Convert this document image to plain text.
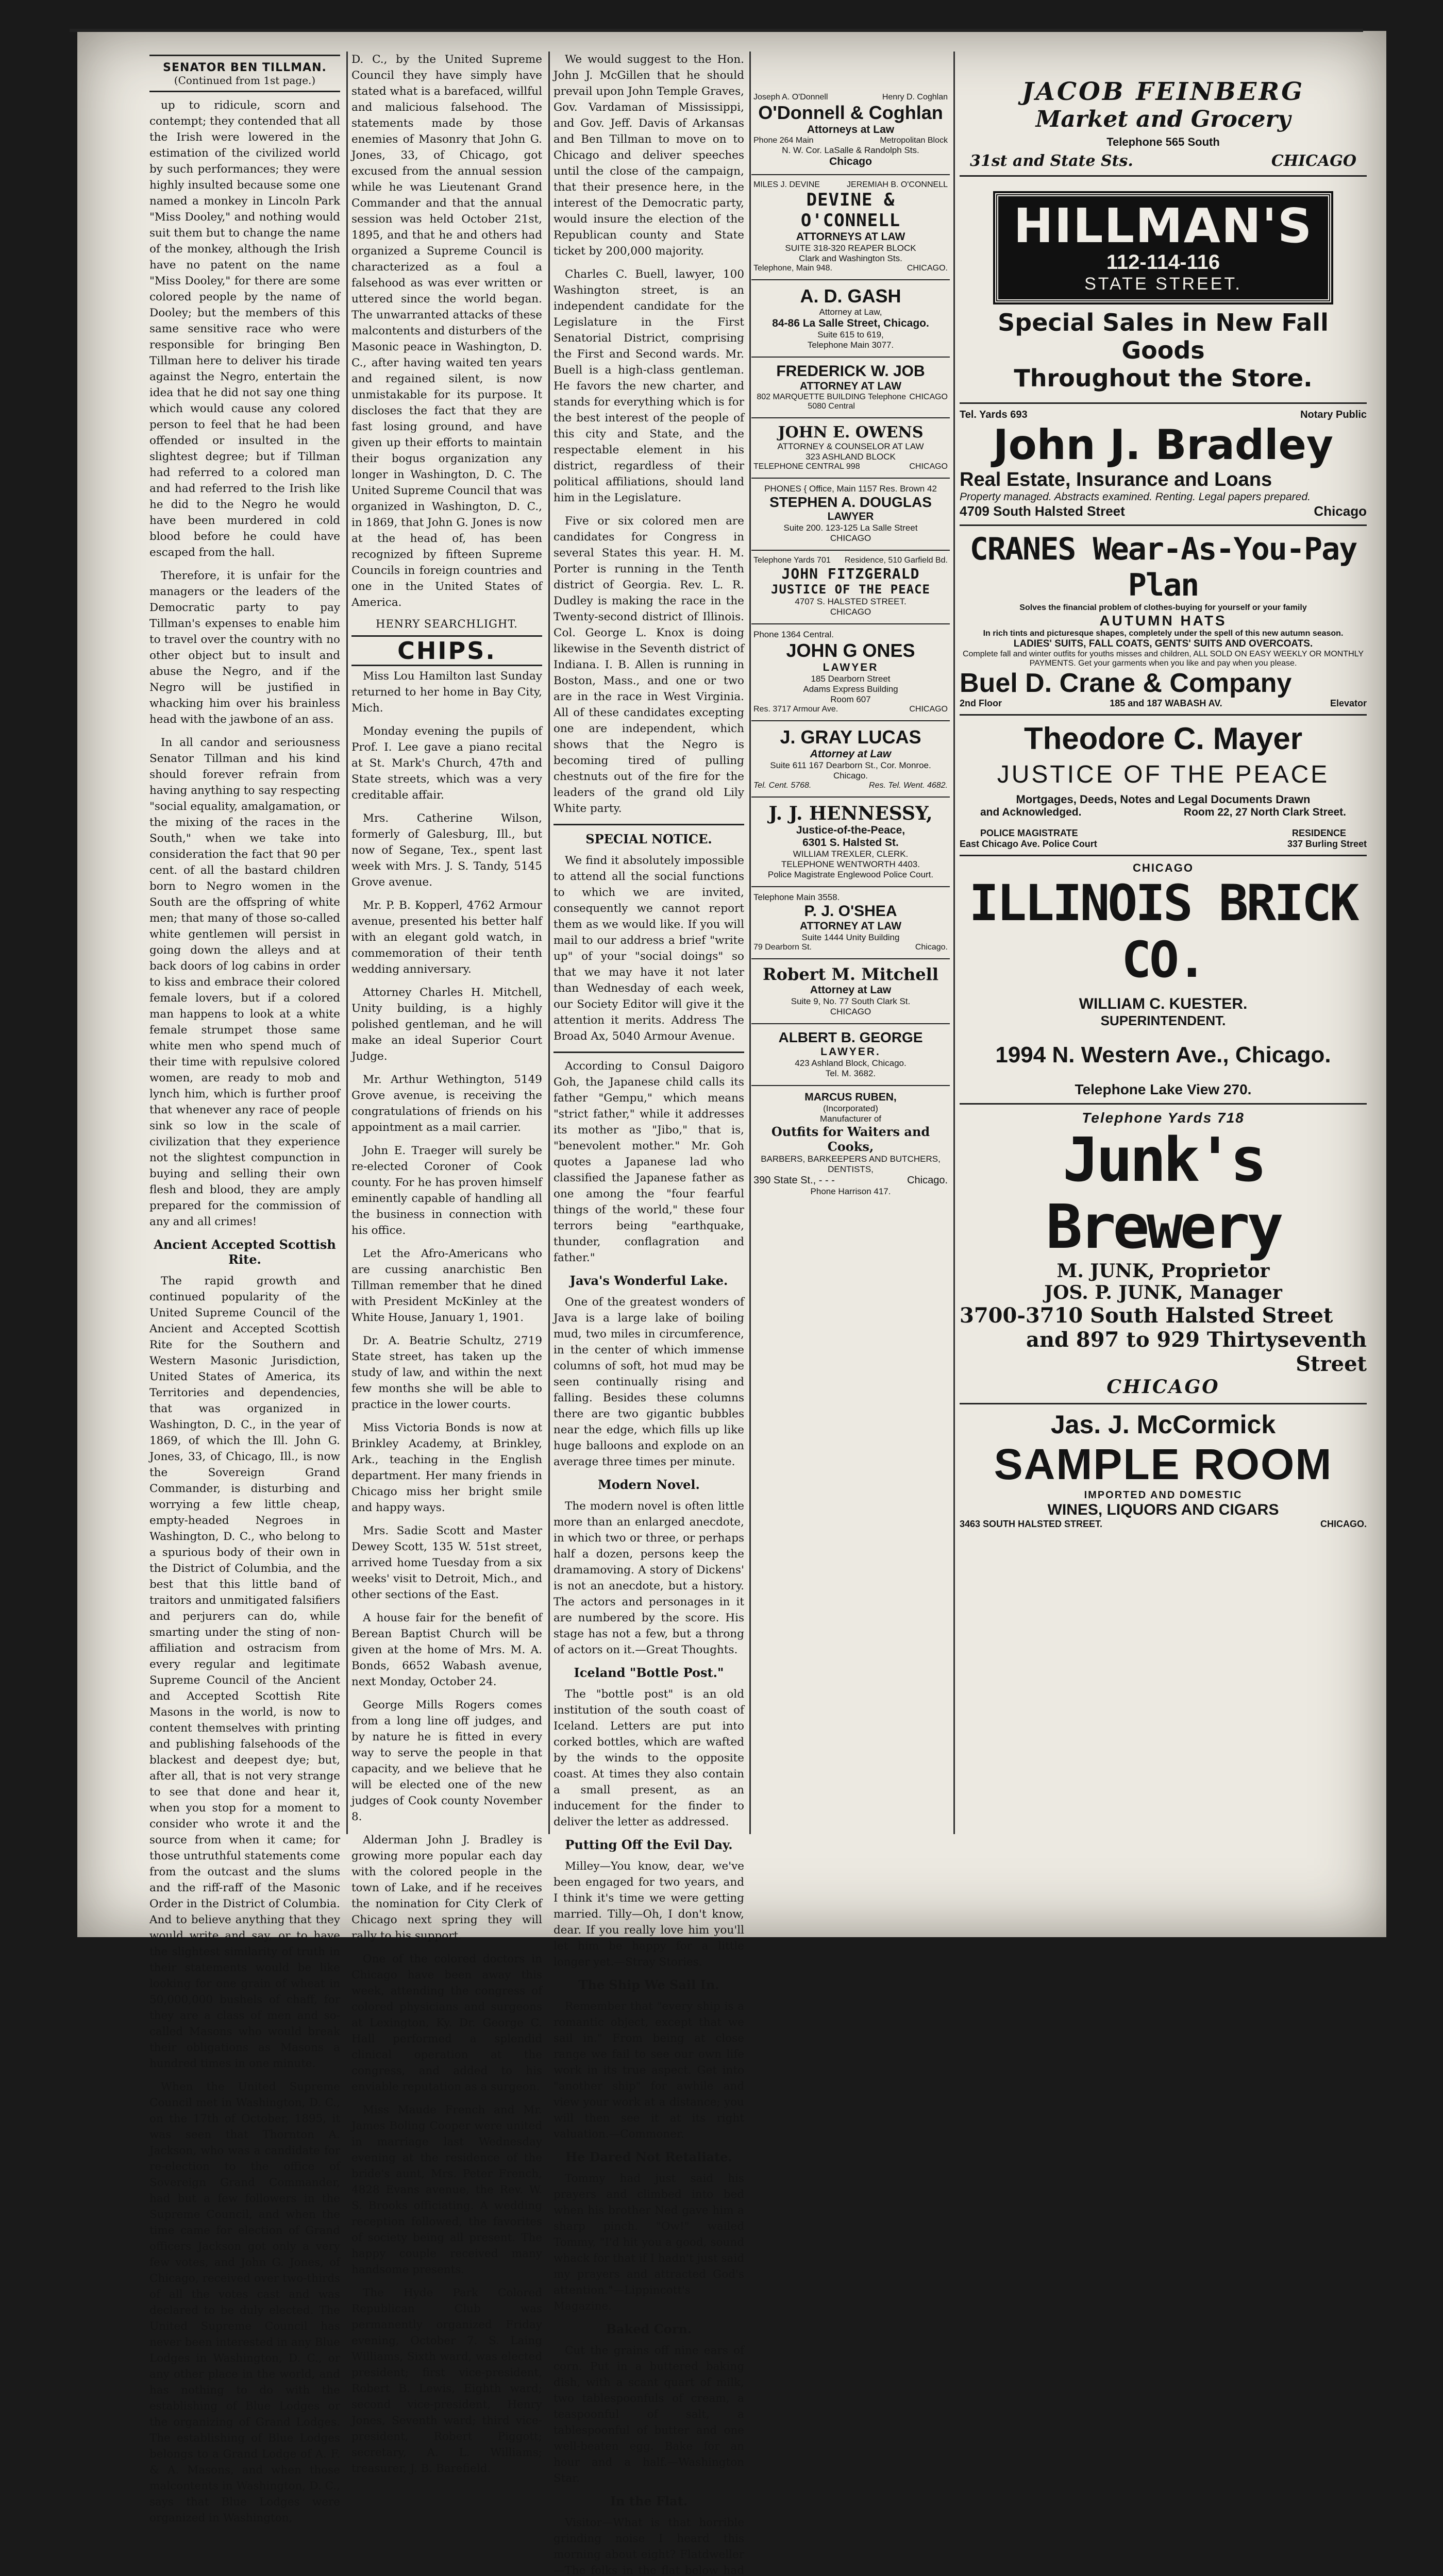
SENATOR BEN TILLMAN.
(Continued from 1st page.)

up to ridicule, scorn and contempt; they contended that all the Irish were lowered in the estimation of the civilized world by such performances; they were highly insulted because some one named a monkey in Lincoln Park "Miss Dooley," and nothing would suit them but to change the name of the monkey, although the Irish have no patent on the name "Miss Dooley," for there are some colored people by the name of Dooley; but the members of this same sensitive race who were responsible for bringing Ben Tillman here to deliver his tirade against the Negro, entertain the idea that he did not say one thing which would cause any colored person to feel that he had been offended or insulted in the slightest degree; but if Tillman had referred to a colored man and had referred to the Irish like he did to the Negro he would have been murdered in cold blood before he could have escaped from the hall.

Therefore, it is unfair for the managers or the leaders of the Democratic party to pay Tillman's expenses to enable him to travel over the country with no other object but to insult and abuse the Negro, and if the Negro will be justified in whacking him over his brainless head with the jawbone of an ass.

In all candor and seriousness Senator Tillman and his kind should forever refrain from having anything to say respecting "social equality, amalgamation, or the mixing of the races in the South," when we take into consideration the fact that 90 per cent. of all the bastard children born to Negro women in the South are the offspring of white men; that many of those so-called white gentlemen will persist in going down the alleys and at back doors of log cabins in order to kiss and embrace their colored female lovers, but if a colored man happens to look at a white female strumpet those same white men who spend much of their time with repulsive colored women, are ready to mob and lynch him, which is further proof that whenever any race of people sink so low in the scale of civilization that they experience not the slightest compunction in buying and selling their own flesh and blood, they are amply prepared for the commission of any and all crimes!

Ancient Accepted Scottish Rite.

The rapid growth and continued popularity of the United Supreme Council of the Ancient and Accepted Scottish Rite for the Southern and Western Masonic Jurisdiction, United States of America, its Territories and dependencies, that was organized in Washington, D. C., in the year of 1869, of which the Ill. John G. Jones, 33, of Chicago, Ill., is now the Sovereign Grand Commander, is disturbing and worrying a few little cheap, empty-headed Negroes in Washington, D. C., who belong to a spurious body of their own in the District of Columbia, and the best that this little band of traitors and unmitigated falsifiers and perjurers can do, while smarting under the sting of non-affiliation and ostracism from every regular and legitimate Supreme Council of the Ancient and Accepted Scottish Rite Masons in the world, is now to content themselves with printing and publishing falsehoods of the blackest and deepest dye; but, after all, that is not very strange to see that done and hear it, when you stop for a moment to consider who wrote it and the source from when it came; for those untruthful statements come from the outcast and the slums and the riff-raff of the Masonic Order in the District of Columbia. And to believe anything that they would write and say, or to have the slightest similarity of truth in their statements would be like looking for one grain of wheat in 50,000,000 bushels of chaff, for they are a class of men and so-called Masons who would break their obligations as Masons a hundred times in one minute.

When the United Supreme Council met in Washington, D. C., on the 17th of October, 1895, it was seen that Thornton A. Jackson, who was a candidate for re-election to the office of Sovereign Grand Commander, had but a few followers in the Supreme Council, and when the time came for election of Grand officers Jackson got only a very few votes, and John G. Jones, of Chicago, received over two-thirds of all the votes cast and was declared to be duly elected. The United Supreme Council has never been interested in any Blue Lodges in Washington, D. C., or any other place in the world, and has nothing to do with the establishing of Blue Lodges or the organizing of Grand Lodges. The establishing of Blue Lodges belongs to a Grand Lodge of A. F. & A. Masons, and when those malcontents in Washington, D. C., says that Blue Lodges were organized in Washington,

D. C., by the United Supreme Council they have simply have stated what is a barefaced, willful and malicious falsehood. The statements made by those enemies of Masonry that John G. Jones, 33, of Chicago, got excused from the annual session while he was Lieutenant Grand Commander and that the annual session was held October 21st, 1895, and that he and others had organized a Supreme Council is characterized as a foul a falsehood as was ever written or uttered since the world began. The unwarranted attacks of these malcontents and disturbers of the Masonic peace in Washington, D. C., after having waited ten years and regained silent, is now unmistakable for its purpose. It discloses the fact that they are fast losing ground, and have given up their efforts to maintain their bogus organization any longer in Washington, D. C. The United Supreme Council that was organized in Washington, D. C., in 1869, that John G. Jones is now at the head of, has been recognized by fifteen Supreme Councils in foreign countries and one in the United States of America.

HENRY SEARCHLIGHT.
CHIPS.

Miss Lou Hamilton last Sunday returned to her home in Bay City, Mich.

Monday evening the pupils of Prof. I. Lee gave a piano recital at St. Mark's Church, 47th and State streets, which was a very creditable affair.

Mrs. Catherine Wilson, formerly of Galesburg, Ill., but now of Segane, Tex., spent last week with Mrs. J. S. Tandy, 5145 Grove avenue.

Mr. P. B. Kopperl, 4762 Armour avenue, presented his better half with an elegant gold watch, in commemoration of their tenth wedding anniversary.

Attorney Charles H. Mitchell, Unity building, is a highly polished gentleman, and he will make an ideal Superior Court Judge.

Mr. Arthur Wethington, 5149 Grove avenue, is receiving the congratulations of friends on his appointment as a mail carrier.

John E. Traeger will surely be re-elected Coroner of Cook county. For he has proven himself eminently capable of handling all the business in connection with his office.

Let the Afro-Americans who are cussing anarchistic Ben Tillman remember that he dined with President McKinley at the White House, January 1, 1901.

Dr. A. Beatrie Schultz, 2719 State street, has taken up the study of law, and within the next few months she will be able to practice in the lower courts.

Miss Victoria Bonds is now at Brinkley Academy, at Brinkley, Ark., teaching in the English department. Her many friends in Chicago miss her bright smile and happy ways.

Mrs. Sadie Scott and Master Dewey Scott, 135 W. 51st street, arrived home Tuesday from a six weeks' visit to Detroit, Mich., and other sections of the East.

A house fair for the benefit of Berean Baptist Church will be given at the home of Mrs. M. A. Bonds, 6652 Wabash avenue, next Monday, October 24.

George Mills Rogers comes from a long line off judges, and by nature he is fitted in every way to serve the people in that capacity, and we believe that he will be elected one of the new judges of Cook county November 8.

Alderman John J. Bradley is growing more popular each day with the colored people in the town of Lake, and if he receives the nomination for City Clerk of Chicago next spring they will rally to his support.

One of the colored doctors in Chicago have been away this week, attending the congress of colored physicians and surgeons at Lexington, Ky. Dr. George C. Hall performed a splendid clinical operation at the congress, and added to his enviable reputation as a surgeon.

Miss Maude French and Mr. James Boling Cooper were united in marriage last Wednesday evening at the residence of the bride's aunt, Mrs. Peter French, 4828 Evans avenue, the Rev. W. S. Brooks officiating. A wedding reception followed, the favorites of society being all present. The happy couple received many handsome presents.

The Hyde Park Colored Republican Club was permanently organized Friday evening, October 7. S. Laing Williams, Sixth ward, was elected president; first vice-president, Robert B. Lewis, Eighth ward; second vice-president, Henry Jones, Seventh ward; third vice-president, Robert Piggott; secretary, A. L. Williams; treasurer, J. B. Barefield.

We would suggest to the Hon. John J. McGillen that he should prevail upon John Temple Graves, Gov. Vardaman of Mississippi, and Gov. Jeff. Davis of Arkansas and Ben Tillman to move on to Chicago and deliver speeches until the close of the campaign, that their presence here, in the interest of the Democratic party, would insure the election of the Republican county and State ticket by 200,000 majority.

Charles C. Buell, lawyer, 100 Washington street, is an independent candidate for the Legislature in the First Senatorial District, comprising the First and Second wards. Mr. Buell is a high-class gentleman. He favors the new charter, and stands for everything which is for the best interest of the people of this city and State, and the respectable element in his district, regardless of their political affiliations, should land him in the Legislature.

Five or six colored men are candidates for Congress in several States this year. H. M. Porter is running in the Tenth district of Georgia. Rev. L. R. Dudley is making the race in the Twenty-second district of Illinois. Col. George L. Knox is doing likewise in the Seventh district of Indiana. I. B. Allen is running in Boston, Mass., and one or two are in the race in West Virginia. All of these candidates excepting one are independent, which shows that the Negro is becoming tired of pulling chestnuts out of the fire for the leaders of the grand old Lily White party.

SPECIAL NOTICE.

We find it absolutely impossible to attend all the social functions to which we are invited, consequently we cannot report them as we would like. If you will mail to our address a brief "write up" of your "social doings" so that we may have it not later than Wednesday of each week, our Society Editor will give it the attention it merits. Address The Broad Ax, 5040 Armour Avenue.

According to Consul Daigoro Goh, the Japanese child calls its father "Gempu," which means "strict father," while it addresses its mother as "Jibo," that is, "benevolent mother." Mr. Goh quotes a Japanese lad who classified the Japanese father as one among the "four fearful things of the world," these four terrors being "earthquake, thunder, conflagration and father."

Java's Wonderful Lake.

One of the greatest wonders of Java is a large lake of boiling mud, two miles in circumference, in the center of which immense columns of soft, hot mud may be seen continually rising and falling. Besides these columns there are two gigantic bubbles near the edge, which fills up like huge balloons and explode on an average three times per minute.

Modern Novel.

The modern novel is often little more than an enlarged anecdote, in which two or three, or perhaps half a dozen, persons keep the dramamoving. A story of Dickens' is not an anecdote, but a history. The actors and personages in it are numbered by the score. His stage has not a few, but a throng of actors on it.—Great Thoughts.

Iceland "Bottle Post."

The "bottle post" is an old institution of the south coast of Iceland. Letters are put into corked bottles, which are wafted by the winds to the opposite coast. At times they also contain a small present, as an inducement for the finder to deliver the letter as addressed.

Putting Off the Evil Day.

Milley—You know, dear, we've been engaged for two years, and I think it's time we were getting married. Tilly—Oh, I don't know, dear. If you really love him you'll let him be happy for a little longer yet.—Stray Stories.

The Ship We Sail In.

Remember that "every ship is a romantic object, except that we sail in." From being at close range we fail to see our own life work in its true aspect. Get into "another ship" for awhile and view your work at a distance; you will then see it at its right valuation.—Commoner.

He Dared Not Retaliate.

Tommy had just said his prayers and climbed into bed when his brother Ned gave him a sharp pinch. "Ow!" wailed Tommy, "I'd hit you a good, sound whack for that if I hadn't just said my prayers and attracted God's attention."—Lippincott's Magazine.

Baked Corn.

Cut the grains off nine ears of corn. Put in a buttered baking dish, with a scant quart of milk, two tablespoonfuls of cream, a teaspoonful of salt, a tablespoonful of butter and one well-beaten egg. Bake for an hour and a half.—Washington Star.

In the Flat.

Visitor—What is that horrible grinding noise I heard this morning about eight? Flatdweller—The folks in the flat below had

Joseph A. O'Donnell	Henry D. Coghlan
O'Donnell & Coghlan
Attorneys at Law
Phone 264 Main	Metropolitan Block
N. W. Cor. LaSalle & Randolph Sts.
Chicago
MILES J. DEVINE	JEREMIAH B. O'CONNELL
DEVINE & O'CONNELL
ATTORNEYS AT LAW
SUITE 318-320 REAPER BLOCK
Clark and Washington Sts.
Telephone, Main 948.	CHICAGO.
A. D. GASH
Attorney at Law,
84-86 La Salle Street, Chicago.
Suite 615 to 619,
Telephone Main 3077.
FREDERICK W. JOB
ATTORNEY AT LAW
802 MARQUETTE BUILDING Telephone 5080 Central
CHICAGO
JOHN E. OWENS
ATTORNEY & COUNSELOR AT LAW
323 ASHLAND BLOCK
TELEPHONE CENTRAL 998	CHICAGO
PHONES { Office, Main 1157 Res. Brown 42
STEPHEN A. DOUGLAS
LAWYER
Suite 200. 123-125 La Salle Street
CHICAGO
Telephone Yards 701 Residence, 510 Garfield Bd.
JOHN FITZGERALD
JUSTICE OF THE PEACE
4707 S. HALSTED STREET.
CHICAGO
Phone 1364 Central.
JOHN G ONES
LAWYER
185 Dearborn Street
Adams Express Building
Room 607
Res. 3717 Armour Ave.	CHICAGO
J. GRAY LUCAS
Attorney at Law
Suite 611 167 Dearborn St., Cor. Monroe.
Chicago.
Tel. Cent. 5768.	Res. Tel. Went. 4682.
J. J. HENNESSY,
Justice-of-the-Peace,
6301 S. Halsted St.
WILLIAM TREXLER, CLERK.
TELEPHONE WENTWORTH 4403.
Police Magistrate Englewood Police Court.
Telephone Main 3558.
P. J. O'SHEA
ATTORNEY AT LAW
Suite 1444 Unity Building
79 Dearborn St.	Chicago.
Robert M. Mitchell
Attorney at Law
Suite 9, No. 77 South Clark St.
CHICAGO
ALBERT B. GEORGE
LAWYER.
423 Ashland Block, Chicago.
Tel. M. 3682.
MARCUS RUBEN,
(Incorporated)
Manufacturer of
Outfits for Waiters and Cooks,
BARBERS, BARKEEPERS AND BUTCHERS, DENTISTS,
390 State St., - - -	Chicago.
Phone Harrison 417.
JACOB FEINBERG
Market and Grocery
Telephone 565 South
31st and State Sts.	CHICAGO
HILLMAN'S
112-114-116
STATE STREET.
Special Sales in New Fall Goods
Throughout the Store.
Tel. Yards 693	Notary Public
John J. Bradley
Real Estate, Insurance and Loans
Property managed. Abstracts examined. Renting. Legal papers prepared.
4709 South Halsted Street	Chicago
CRANES Wear-As-You-Pay Plan
Solves the financial problem of clothes-buying for yourself or your family
AUTUMN HATS
In rich tints and picturesque shapes, completely under the spell of this new autumn season.
LADIES' SUITS, FALL COATS, GENTS' SUITS AND OVERCOATS.
Complete fall and winter outfits for youths misses and children, ALL SOLD ON EASY WEEKLY OR MONTHLY PAYMENTS. Get your garments when you like and pay when you please.
Buel D. Crane & Company
2nd Floor	185 and 187 WABASH AV.	Elevator
Theodore C. Mayer
JUSTICE OF THE PEACE
Mortgages, Deeds, Notes and Legal Documents Drawn
and Acknowledged.	Room 22, 27 North Clark Street.
POLICE MAGISTRATE	RESIDENCE
East Chicago Ave. Police Court	337 Burling Street
CHICAGO
ILLINOIS BRICK CO.
WILLIAM C. KUESTER.
SUPERINTENDENT.
1994 N. Western Ave., Chicago.
Telephone Lake View 270.
Telephone Yards 718
Junk's Brewery
M. JUNK, Proprietor
JOS. P. JUNK, Manager
3700-3710 South Halsted Street
and 897 to 929 Thirtyseventh Street
CHICAGO
Jas. J. McCormick
SAMPLE ROOM
IMPORTED AND DOMESTIC
WINES, LIQUORS AND CIGARS
3463 SOUTH HALSTED STREET.	CHICAGO.
